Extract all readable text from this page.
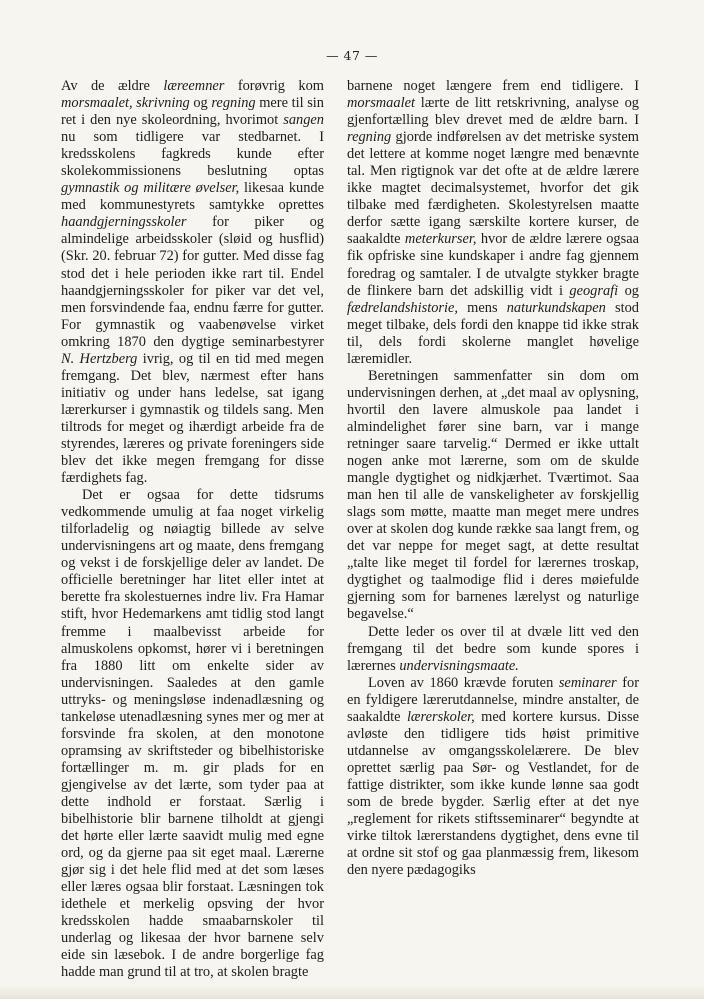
— 47 —

Av de ældre læreemner forøvrig kom morsmaalet, skrivning og regning mere til sin ret i den nye skoleordning, hvorimot sangen nu som tidligere var stedbarnet. I kredsskolens fagkreds kunde efter skolekommissionens beslutning optas gymnastik og militære øvelser, likesaa kunde med kommunestyrets samtykke oprettes haandgjerningsskoler for piker og almindelige arbeidsskoler (sløid og husflid) (Skr. 20. februar 72) for gutter. Med disse fag stod det i hele perioden ikke rart til. Endel haandgjerningsskoler for piker var det vel, men forsvindende faa, endnu færre for gutter. For gymnastik og vaabenøvelse virket omkring 1870 den dygtige seminarbestyrer N. Hertzberg ivrig, og til en tid med megen fremgang. Det blev, nærmest efter hans initiativ og under hans ledelse, sat igang lærerkurser i gymnastik og tildels sang. Men tiltrods for meget og ihærdigt arbeide fra de styrendes, læreres og private foreningers side blev det ikke megen fremgang for disse færdighets fag.

Det er ogsaa for dette tidsrums vedkommende umulig at faa noget virkelig tilforladelig og nøiagtig billede av selve undervisningens art og maate, dens fremgang og vekst i de forskjellige deler av landet. De officielle beretninger har litet eller intet at berette fra skolestuernes indre liv. Fra Hamar stift, hvor Hedemarkens amt tidlig stod langt fremme i maalbevisst arbeide for almuskolens opkomst, hører vi i beretningen fra 1880 litt om enkelte sider av undervisningen. Saaledes at den gamle uttryks- og meningsløse indenadlæsning og tankeløse utenadlæsning synes mer og mer at forsvinde fra skolen, at den monotone opramsing av skriftsteder og bibelhistoriske fortællinger m. m. gir plads for en gjengivelse av det lærte, som tyder paa at dette indhold er forstaat. Særlig i bibelhistorie blir barnene tilholdt at gjengi det hørte eller lærte saavidt mulig med egne ord, og da gjerne paa sit eget maal. Lærerne gjør sig i det hele flid med at det som læses eller læres ogsaa blir forstaat. Læsningen tok idethele et merkelig opsving der hvor kredsskolen hadde smaabarnskoler til underlag og likesaa der hvor barnene selv eide sin læsebok. I de andre borgerlige fag hadde man grund til at tro, at skolen bragte

barnene noget længere frem end tidligere. I morsmaalet lærte de litt retskrivning, analyse og gjenfortælling blev drevet med de ældre barn. I regning gjorde indførelsen av det metriske system det lettere at komme noget længre med benævnte tal. Men rigtignok var det ofte at de ældre lærere ikke magtet decimalsystemet, hvorfor det gik tilbake med færdigheten. Skolestyrelsen maatte derfor sætte igang særskilte kortere kurser, de saakaldte meterkurser, hvor de ældre lærere ogsaa fik opfriske sine kundskaper i andre fag gjennem foredrag og samtaler. I de utvalgte stykker bragte de flinkere barn det adskillig vidt i geografi og fædrelandshistorie, mens naturkundskapen stod meget tilbake, dels fordi den knappe tid ikke strak til, dels fordi skolerne manglet høvelige læremidler.

Beretningen sammenfatter sin dom om undervisningen derhen, at „det maal av oplysning, hvortil den lavere almuskole paa landet i almindelighet fører sine barn, var i mange retninger saare tarvelig.“ Dermed er ikke uttalt nogen anke mot lærerne, som om de skulde mangle dygtighet og nidkjærhet. Tværtimot. Saa man hen til alle de vanskeligheter av forskjellig slags som møtte, maatte man meget mere undres over at skolen dog kunde række saa langt frem, og det var neppe for meget sagt, at dette resultat „talte like meget til fordel for lærernes troskap, dygtighet og taalmodige flid i deres møiefulde gjerning som for barnenes lærelyst og naturlige begavelse.“

Dette leder os over til at dvæle litt ved den fremgang til det bedre som kunde spores i lærernes undervisningsmaate.

Loven av 1860 krævde foruten seminarer for en fyldigere lærerutdannelse, mindre anstalter, de saakaldte lærerskoler, med kortere kursus. Disse avløste den tidligere tids høist primitive utdannelse av omgangsskolelærere. De blev oprettet særlig paa Sør- og Vestlandet, for de fattige distrikter, som ikke kunde lønne saa godt som de brede bygder. Særlig efter at det nye „reglement for rikets stiftsseminarer“ begyndte at virke tiltok lærerstandens dygtighet, dens evne til at ordne sit stof og gaa planmæssig frem, likesom den nyere pædagogiks
